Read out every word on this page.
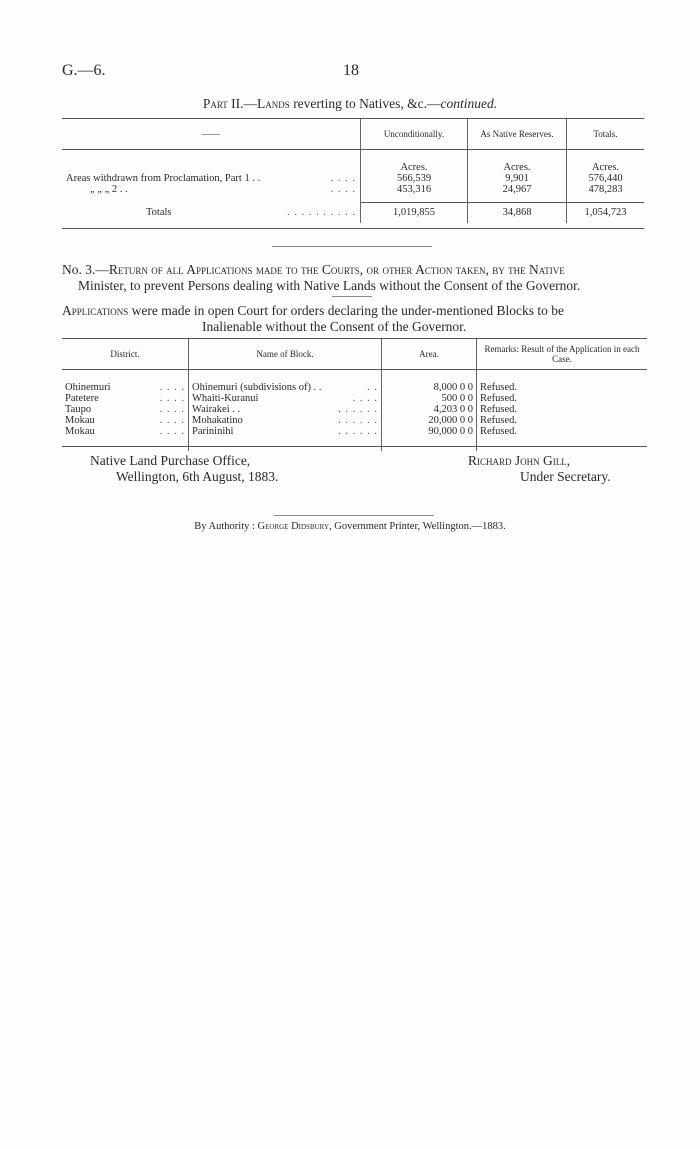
G.—6.	18
Part II.—Lands reverting to Natives, &c.—continued.
——	Unconditionally.	As Native Reserves.	Totals.

	Acres.	Acres.	Acres.
Areas withdrawn from Proclamation, Part 1 . . . . . .	566,539	9,901	576,440
„ „ „ 2 . . . . . .	453,316	24,967	478,283

Totals . . . . . . . . . .	1,019,855	34,868	1,054,723
No. 3.—Return of all Applications made to the Courts, or other Action taken, by the Native
Minister, to prevent Persons dealing with Native Lands without the Consent of the Governor.
Applications were made in open Court for orders declaring the under-mentioned Blocks to be
Inalienable without the Consent of the Governor.
District.	Name of Block.	Area.	Remarks: Result of the Application in each Case.

Ohinemuri . . . .	Ohinemuri (subdivisions of) . . . .	8,000 0 0	Refused.
Patetere . . . .	Whaiti-Kuranui . . . .	500 0 0	Refused.
Taupo . . . .	Wairakei . . . . . . . .	4,203 0 0	Refused.
Mokau . . . .	Mohakatino . . . . . .	20,000 0 0	Refused.
Mokau . . . .	Parininihi . . . . . .	90,000 0 0	Refused.

Native Land Purchase Office,
Wellington, 6th August, 1883.
Richard John Gill,
Under Secretary.
By Authority : George Didsbury, Government Printer, Wellington.—1883.
